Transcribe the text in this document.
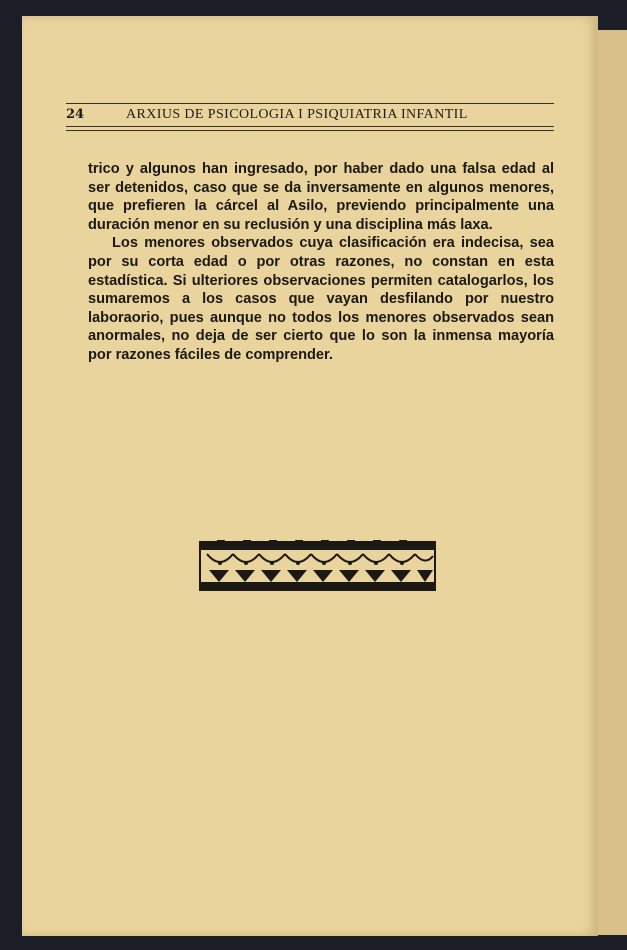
24	ARXIUS DE PSICOLOGIA I PSIQUIATRIA INFANTIL

trico y algunos han ingresado, por haber dado una falsa edad al ser detenidos, caso que se da inversamente en algunos menores, que prefieren la cárcel al Asilo, previendo principalmente una duración menor en su reclusión y una disciplina más laxa.

Los menores observados cuya clasificación era indecisa, sea por su corta edad o por otras razones, no constan en esta estadística. Si ulteriores observaciones permiten catalogarlos, los sumaremos a los casos que vayan desfilando por nuestro laboraorio, pues aunque no todos los menores observados sean anormales, no deja de ser cierto que lo son la inmensa mayoría por razones fáciles de comprender.
